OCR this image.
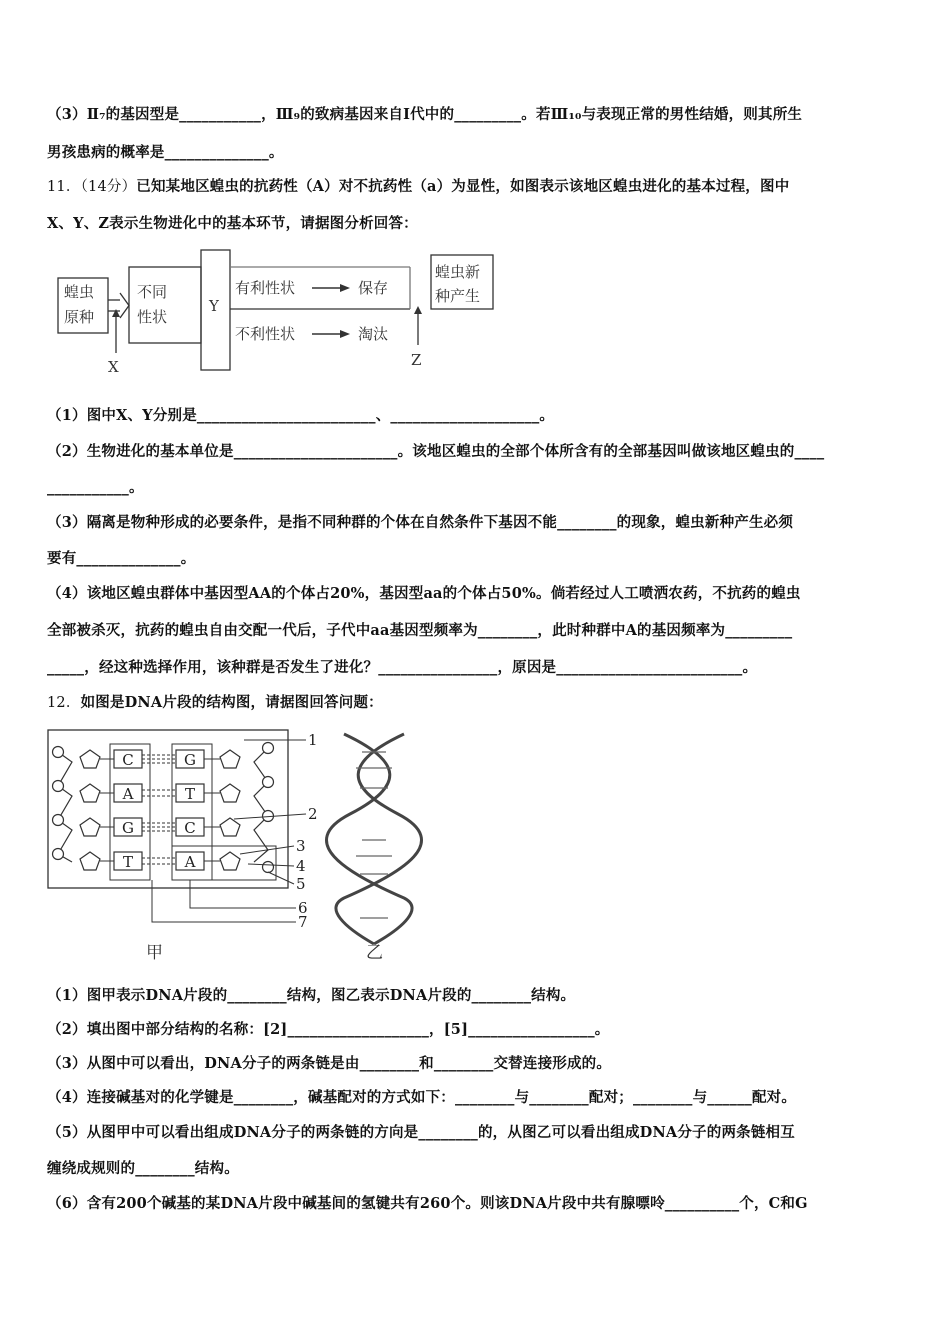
（3）Ⅱ₇的基因型是___________，Ⅲ₉的致病基因来自Ⅰ代中的_________。若Ⅲ₁₀与表现正常的男性结婚，则其所生
男孩患病的概率是______________。
11．（14分）已知某地区蝗虫的抗药性（A）对不抗药性（a）为显性，如图表示该地区蝗虫进化的基本过程，图中
X、Y、Z表示生物进化中的基本环节，请据图分析回答：
蝗虫
原种
不同
性状
Y
有利性状	保存
不利性状	淘汰
蝗虫新
种产生
X	Z
（1）图中X、Y分别是________________________、____________________。
（2）生物进化的基本单位是______________________。该地区蝗虫的全部个体所含有的全部基因叫做该地区蝗虫的____
___________。
（3）隔离是物种形成的必要条件，是指不同种群的个体在自然条件下基因不能________的现象，蝗虫新种产生必须
要有______________。
（4）该地区蝗虫群体中基因型AA的个体占20%，基因型aa的个体占50%。倘若经过人工喷洒农药，不抗药的蝗虫
全部被杀灭，抗药的蝗虫自由交配一代后，子代中aa基因型频率为________，此时种群中A的基因频率为_________
_____，经这种选择作用，该种群是否发生了进化？________________，原因是_________________________。
12．如图是DNA片段的结构图，请据图回答问题：
C
A
G
T
G
T
C
A
1
2
3
4
5
6
7
甲	乙
（1）图甲表示DNA片段的________结构，图乙表示DNA片段的________结构。
（2）填出图中部分结构的名称：[2]___________________，[5]_________________。
（3）从图中可以看出，DNA分子的两条链是由________和________交替连接形成的。
（4）连接碱基对的化学键是________，碱基配对的方式如下：________与________配对；________与______配对。
（5）从图甲中可以看出组成DNA分子的两条链的方向是________的，从图乙可以看出组成DNA分子的两条链相互
缠绕成规则的________结构。
（6）含有200个碱基的某DNA片段中碱基间的氢键共有260个。则该DNA片段中共有腺嘌呤__________个，C和G
